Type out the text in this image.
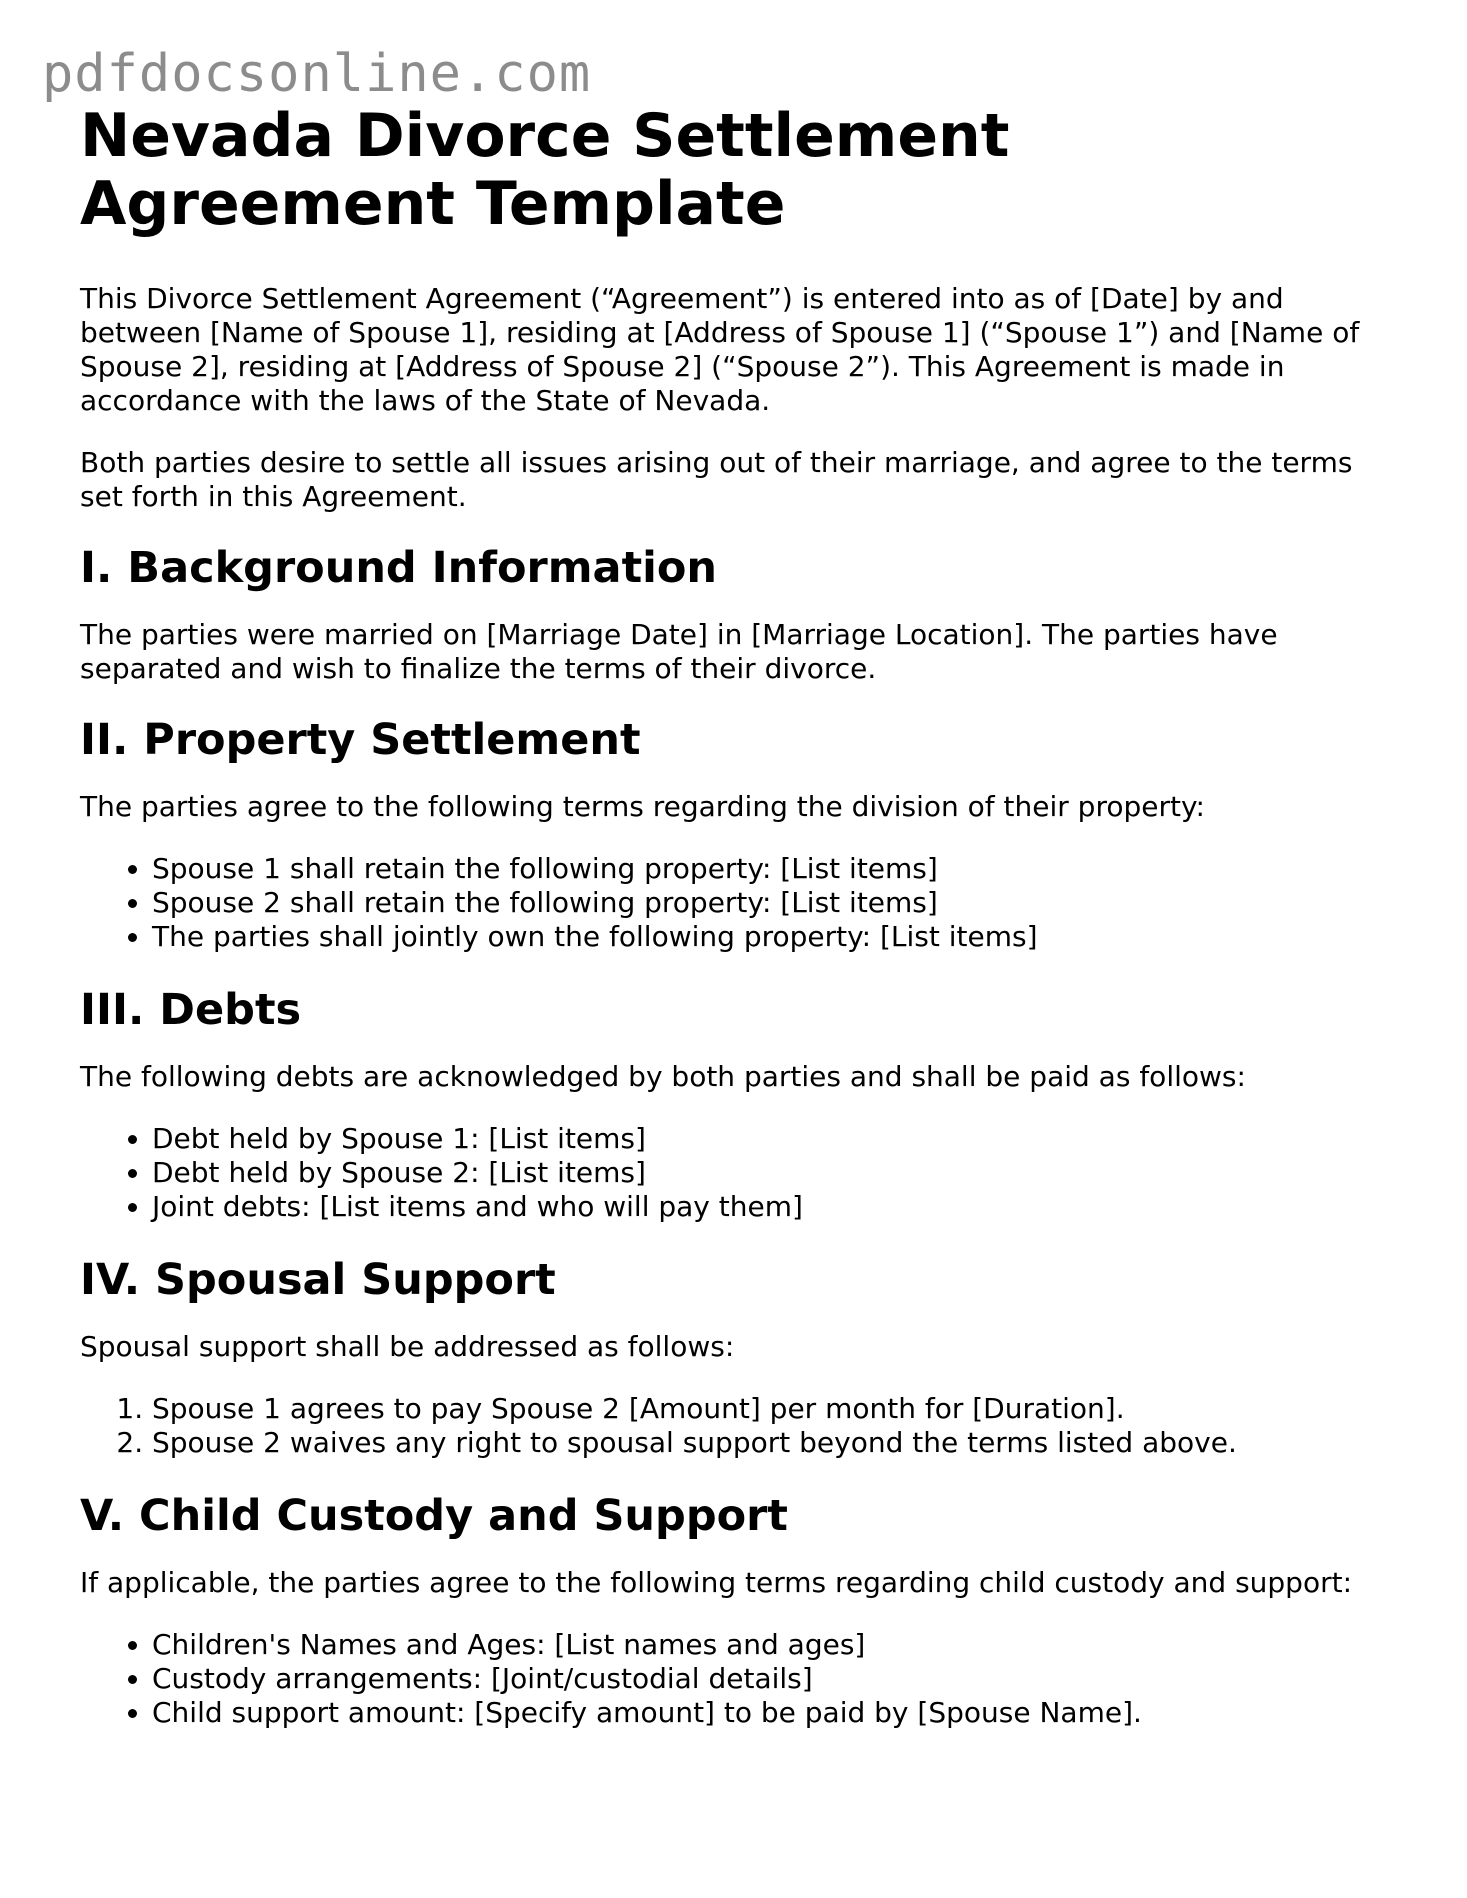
pdfdocsonline.com
Nevada Divorce Settlement Agreement Template

This Divorce Settlement Agreement (“Agreement”) is entered into as of [Date] by and between [Name of Spouse 1], residing at [Address of Spouse 1] (“Spouse 1”) and [Name of Spouse 2], residing at [Address of Spouse 2] (“Spouse 2”). This Agreement is made in accordance with the laws of the State of Nevada.

Both parties desire to settle all issues arising out of their marriage, and agree to the terms set forth in this Agreement.

I. Background Information

The parties were married on [Marriage Date] in [Marriage Location]. The parties have separated and wish to finalize the terms of their divorce.

II. Property Settlement

The parties agree to the following terms regarding the division of their property:

• Spouse 1 shall retain the following property: [List items]
• Spouse 2 shall retain the following property: [List items]
• The parties shall jointly own the following property: [List items]
III. Debts

The following debts are acknowledged by both parties and shall be paid as follows:

• Debt held by Spouse 1: [List items]
• Debt held by Spouse 2: [List items]
• Joint debts: [List items and who will pay them]
IV. Spousal Support

Spousal support shall be addressed as follows:

1. Spouse 1 agrees to pay Spouse 2 [Amount] per month for [Duration].
2. Spouse 2 waives any right to spousal support beyond the terms listed above.
V. Child Custody and Support

If applicable, the parties agree to the following terms regarding child custody and support:

• Children's Names and Ages: [List names and ages]
• Custody arrangements: [Joint/custodial details]
• Child support amount: [Specify amount] to be paid by [Spouse Name].
